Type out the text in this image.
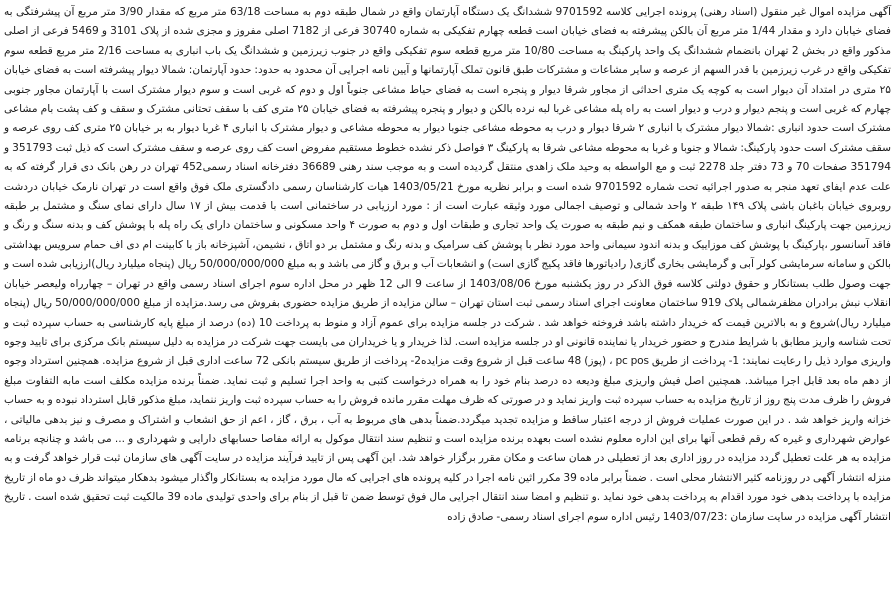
آگهی مزایده اموال غیر منقول (اسناد رهنی) پرونده اجرایی کلاسه 9701592 ششدانگ یک دستگاه آپارتمان واقع در شمال طبقه دوم به مساحت 63/18 متر مربع که مقدار 3/90 متر مربع آن پیشرفتگی به فضای خیابان دارد و مقدار 1/44 متر مربع آن بالکن پیشرفته به فضای خیابان است قطعه چهارم تفکیکی به شماره 30740 فرعی از 7182 اصلی مفروز و مجزی شده از پلاک 3101 و 5469 فرعی از اصلی مذکور واقع در بخش 2 تهران بانضمام ششدانگ یک واحد پارکینگ به مساحت 10/80 متر مربع قطعه سوم تفکیکی واقع در جنوب زیرزمین و ششدانگ یک باب انباری به مساحت 2/16 متر مربع قطعه سوم تفکیکی واقع در غرب زیرزمین با قدر السهم از عرصه و سایر مشاعات و مشترکات طبق قانون تملک آپارتمانها و آیین نامه اجرایی آن محدود به حدود: حدود آپارتمان: شمالا دیوار پیشرفته است به فضای خیابان ۲۵ متری در امتداد آن دیوار است به کوچه یک متری احداثی از مجاور شرقا دیوار و پنجره است به فضای حیاط مشاعی جنوباً اول و دوم که غربی است و سوم دیوار مشترک است با آپارتمان مجاور جنوبی چهارم که غربی است و پنجم دیوار و درب و دیوار است به راه پله مشاعی غربا لبه نرده بالکن و دیوار و پنجره پیشرفته به فضای خیابان ۲۵ متری کف با سقف تحتانی مشترک و سقف و کف پشت بام مشاعی مشترک است حدود انباری :شمالا دیوار مشترک با انباری ۲ شرقا دیوار و درب به محوطه مشاعی جنوبا دیوار به محوطه مشاعی و دیوار مشترک با انباری ۴ غربا دیوار به بر خیابان ۲۵ متری کف روی عرصه و سقف مشترک است حدود پارکینگ: شمالا و جنوبا و غربا به محوطه مشاعی شرقا به پارکینگ ۳ فواصل ذکر نشده خطوط مستقیم مفروض است کف روی عرصه و سقف مشترک است که ذیل ثبت 351793 و 351794 صفحات 70 و 73 دفتر جلد 2278 ثبت و مع الواسطه به وحید ملک زاهدی منتقل گردیده است و به موجب سند رهنی 36689 دفترخانه اسناد رسمی452 تهران در رهن بانک دی قرار گرفته که به علت عدم ایفای تعهد منجر به صدور اجرائیه تحت شماره 9701592 شده است و برابر نظریه مورخ 1403/05/21 هیات کارشناسان رسمی دادگستری ملک فوق واقع است در تهران نارمک خیابان دردشت روبروی خیابان باغبان باشی پلاک ۱۴۹ طبقه ۲ واحد شمالی و توصیف اجمالی مورد وثیقه عبارت است از : مورد ارزیابی در ساختمانی است با قدمت بیش از ۱۷ سال دارای نمای سنگ و مشتمل بر طبقه زیرزمین جهت پارکینگ انباری و ساختمان طبقه همکف و نیم طبقه به صورت یک واحد تجاری و طبقات اول و دوم به صورت ۴ واحد مسکونی و ساختمان دارای یک راه پله با پوشش کف و بدنه سنگ و رنگ و فاقد آسانسور ،پارکینگ با پوشش کف موزاییک و بدنه اندود سیمانی واحد مورد نظر با پوشش کف سرامیک و بدنه رنگ و مشتمل بر دو اتاق ، نشیمن، آشپزخانه باز با کابینت ام دی اف حمام سرویس بهداشتی بالکن و سامانه سرمایشی کولر آبی و گرمایشی بخاری گازی( رادیاتورها فاقد پکیج گازی است) و انشعابات آب و برق و گاز می باشد و به مبلغ 50/000/000/000 ریال (پنجاه میلیارد ریال)ارزیابی شده است و جهت وصول طلب بستانکار و حقوق دولتی کلاسه فوق الذکر در روز یکشنبه مورخ 1403/08/06 از ساعت 9 الی 12 ظهر در محل اداره سوم اجرای اسناد رسمی واقع در تهران – چهارراه ولیعصر خیابان انقلاب نبش برادران مظفرشمالی پلاک 919 ساختمان معاونت اجرای اسناد رسمی ثبت استان تهران – سالن مزایده از طریق مزایده حضوری بفروش می رسد.مزایده از مبلغ 50/000/000/000 ریال (پنجاه میلیارد ریال)شروع و به بالاترین قیمت که خریدار داشته باشد فروخته خواهد شد . شرکت در جلسه مزایده برای عموم آزاد و منوط به پرداخت 10 (ده) درصد از مبلغ پایه کارشناسی به حساب سپرده ثبت و تحت شناسه واریز مطابق با شرایط مندرج و حضور خریدار یا نماینده قانونی او در جلسه مزایده است. لذا خریدار و یا خریداران می بایست جهت شرکت در مزایده به دلیل سیستم بانک مرکزی برای تایید وجوه واریزی موارد ذیل را رعایت نمایند: 1- پرداخت از طریق pc pos ، (پوز) 48 ساعت قبل از شروع وقت مزایده2- پرداخت از طریق سیستم بانکی 72 ساعت اداری قبل از شروع مزایده. همچنین استرداد وجوه از دهم ماه بعد قابل اجرا میباشد. همچنین اصل فیش واریزی مبلغ ودیعه ده درصد بنام خود را به همراه درخواست کتبی به واحد اجرا تسلیم و ثبت نماید. ضمناً برنده مزایده مکلف است مابه التفاوت مبلغ فروش را ظرف مدت پنج روز از تاریخ مزایده به حساب سپرده ثبت واریز نماید و در صورتی که ظرف مهلت مقرر مانده فروش را به حساب سپرده ثبت واریز ننماید، مبلغ مذکور قابل استرداد نبوده و به حساب خزانه واریز خواهد شد . در این صورت عملیات فروش از درجه اعتبار ساقط و مزایده تجدید میگردد.ضمناً بدهی های مربوط به آب ، برق ، گاز ، اعم از حق انشعاب و اشتراک و مصرف و نیز بدهی مالیاتی ، عوارض شهرداری و غیره که رقم قطعی آنها برای این اداره معلوم نشده است بعهده برنده مزایده است و تنظیم سند انتقال موکول به ارائه مفاصا حسابهای دارایی و شهرداری و ... می باشد و چنانچه برنامه مزایده به هر علت تعطیل گردد مزایده در روز اداری بعد از تعطیلی در همان ساعت و مکان مقرر برگزار خواهد شد. این آگهی پس از تایید فرآیند مزایده در سایت آگهی های سازمان ثبت قرار خواهد گرفت و به منزله انتشار آگهی در روزنامه کثیر الانتشار محلی است . ضمناً برابر ماده 39 مکرر اثین نامه اجرا در کلیه پرونده های اجرایی که مال مورد مزایده به بستانکار واگذار میشود بدهکار میتواند ظرف دو ماه از تاریخ مزایده با پرداخت بدهی خود مورد اقدام به پرداخت بدهی خود نماید .و تنظیم و امضا سند انتقال اجرایی مال فوق توسط ضمن تا قبل از بنام برای واحدی تولیدی ماده 39 مالکیت ثبت تحقیق شده است . تاریخ انتشار آگهی مزایده در سایت سازمان :1403/07/23 رئیس اداره سوم اجرای اسناد رسمی- صادق زاده
